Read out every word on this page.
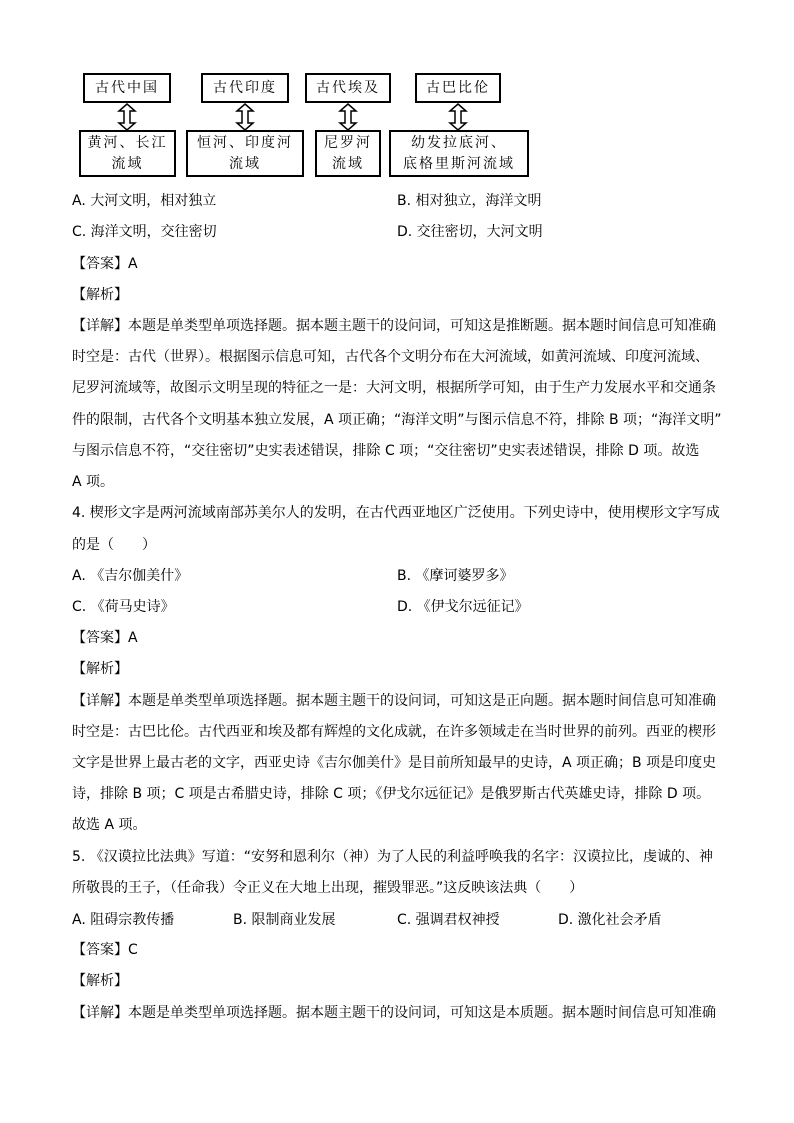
古代中国	古代印度	古代埃及	古巴比伦
黄河、长江
流域
恒河、印度河
流域
尼罗河
流域
幼发拉底河、
底格里斯河流域
A. 大河文明，相对独立	B. 相对独立，海洋文明
C. 海洋文明，交往密切	D. 交往密切，大河文明
【答案】A
【解析】
【详解】本题是单类型单项选择题。据本题主题干的设问词，可知这是推断题。据本题时间信息可知准确
时空是：古代（世界）。根据图示信息可知，古代各个文明分布在大河流域，如黄河流域、印度河流域、
尼罗河流域等，故图示文明呈现的特征之一是：大河文明，根据所学可知，由于生产力发展水平和交通条
件的限制，古代各个文明基本独立发展，A 项正确；“海洋文明”与图示信息不符，排除 B 项；“海洋文明”
与图示信息不符，“交往密切”史实表述错误，排除 C 项；“交往密切”史实表述错误，排除 D 项。故选
A 项。
4. 楔形文字是两河流域南部苏美尔人的发明，在古代西亚地区广泛使用。下列史诗中，使用楔形文字写成
的是（　　）
A. 《吉尔伽美什》	B. 《摩诃婆罗多》
C. 《荷马史诗》	D. 《伊戈尔远征记》
【答案】A
【解析】
【详解】本题是单类型单项选择题。据本题主题干的设问词，可知这是正向题。据本题时间信息可知准确
时空是：古巴比伦。古代西亚和埃及都有辉煌的文化成就，在许多领域走在当时世界的前列。西亚的楔形
文字是世界上最古老的文字，西亚史诗《吉尔伽美什》是目前所知最早的史诗，A 项正确；B 项是印度史
诗，排除 B 项；C 项是古希腊史诗，排除 C 项；《伊戈尔远征记》是俄罗斯古代英雄史诗，排除 D 项。
故选 A 项。
5. 《汉谟拉比法典》写道：“安努和恩利尔（神）为了人民的利益呼唤我的名字：汉谟拉比，虔诚的、神
所敬畏的王子，（任命我）令正义在大地上出现，摧毁罪恶。”这反映该法典（　　）
A. 阻碍宗教传播	B. 限制商业发展	C. 强调君权神授	D. 激化社会矛盾
【答案】C
【解析】
【详解】本题是单类型单项选择题。据本题主题干的设问词，可知这是本质题。据本题时间信息可知准确
